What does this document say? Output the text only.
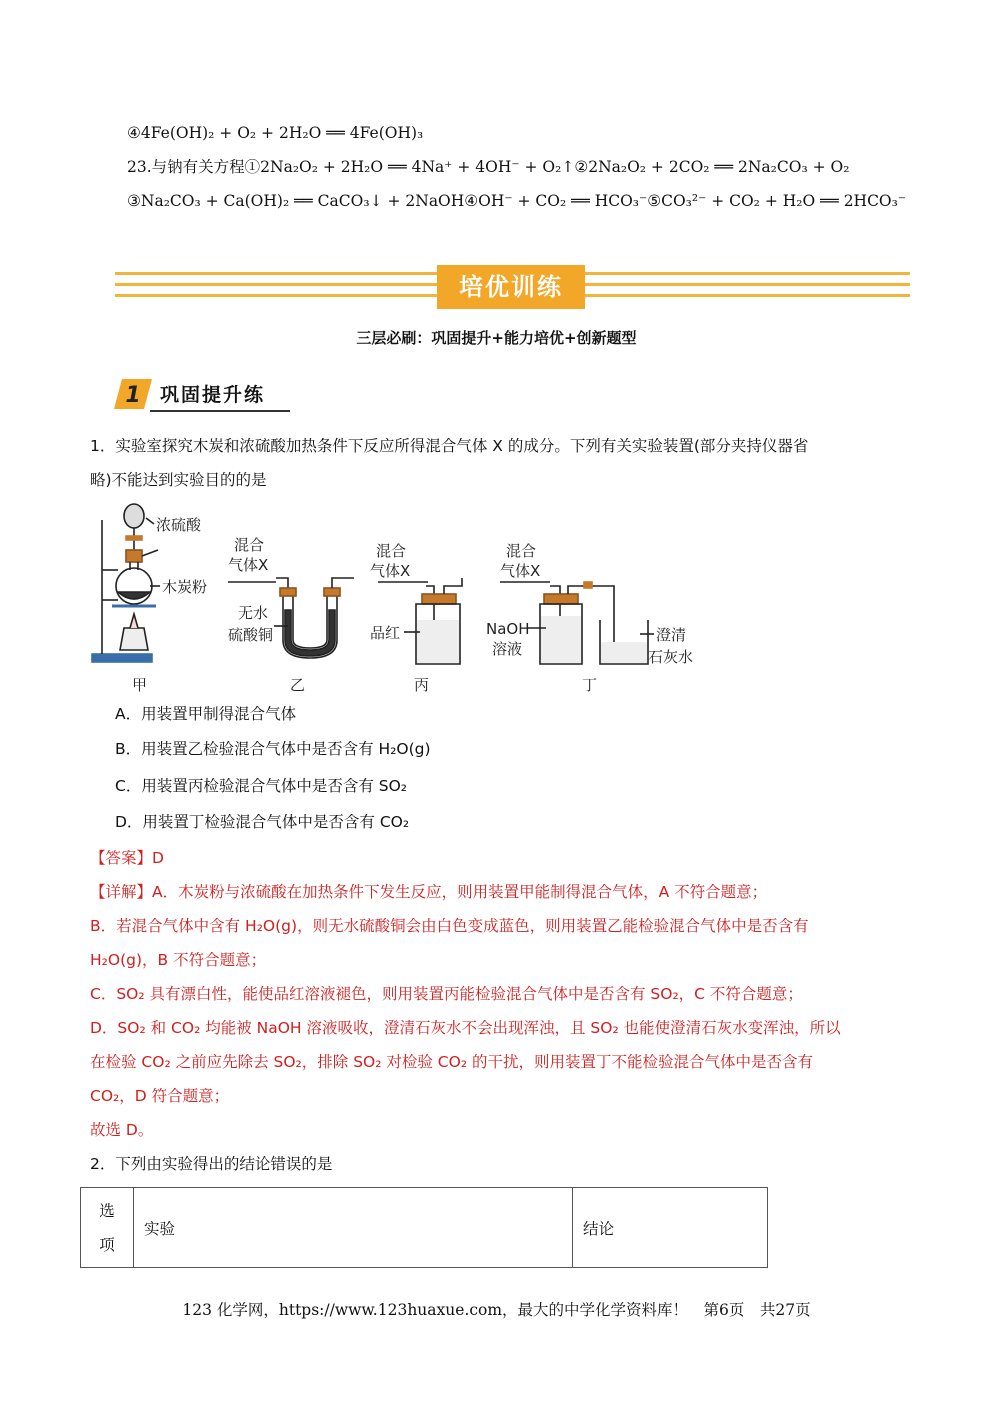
④4Fe(OH)₂ + O₂ + 2H₂O ══ 4Fe(OH)₃
23.与钠有关方程①2Na₂O₂ + 2H₂O ══ 4Na⁺ + 4OH⁻ + O₂↑②2Na₂O₂ + 2CO₂ ══ 2Na₂CO₃ + O₂
③Na₂CO₃ + Ca(OH)₂ ══ CaCO₃↓ + 2NaOH④OH⁻ + CO₂ ══ HCO₃⁻⑤CO₃²⁻ + CO₂ + H₂O ══ 2HCO₃⁻
培优训练
三层必刷：巩固提升+能力培优+创新题型
1 巩固提升练
1．实验室探究木炭和浓硫酸加热条件下反应所得混合气体 X 的成分。下列有关实验装置(部分夹持仪器省
略)不能达到实验目的的是
浓硫酸
木炭粉
混合
气体X
无水
硫酸铜
混合
气体X
品红
混合
气体X
NaOH
溶液
澄清
石灰水
甲	乙	丙	丁
A．用装置甲制得混合气体
B．用装置乙检验混合气体中是否含有 H₂O(g)
C．用装置丙检验混合气体中是否含有 SO₂
D．用装置丁检验混合气体中是否含有 CO₂
【答案】D
【详解】A．木炭粉与浓硫酸在加热条件下发生反应，则用装置甲能制得混合气体，A 不符合题意；
B．若混合气体中含有 H₂O(g)，则无水硫酸铜会由白色变成蓝色，则用装置乙能检验混合气体中是否含有
H₂O(g)，B 不符合题意；
C．SO₂ 具有漂白性，能使品红溶液褪色，则用装置丙能检验混合气体中是否含有 SO₂，C 不符合题意；
D．SO₂ 和 CO₂ 均能被 NaOH 溶液吸收，澄清石灰水不会出现浑浊，且 SO₂ 也能使澄清石灰水变浑浊，所以
在检验 CO₂ 之前应先除去 SO₂，排除 SO₂ 对检验 CO₂ 的干扰，则用装置丁不能检验混合气体中是否含有
CO₂，D 符合题意；
故选 D。
2．下列由实验得出的结论错误的是
选
项
	实验	结论
123 化学网，https://www.123huaxue.com，最大的中学化学资料库！　第6页　共27页
